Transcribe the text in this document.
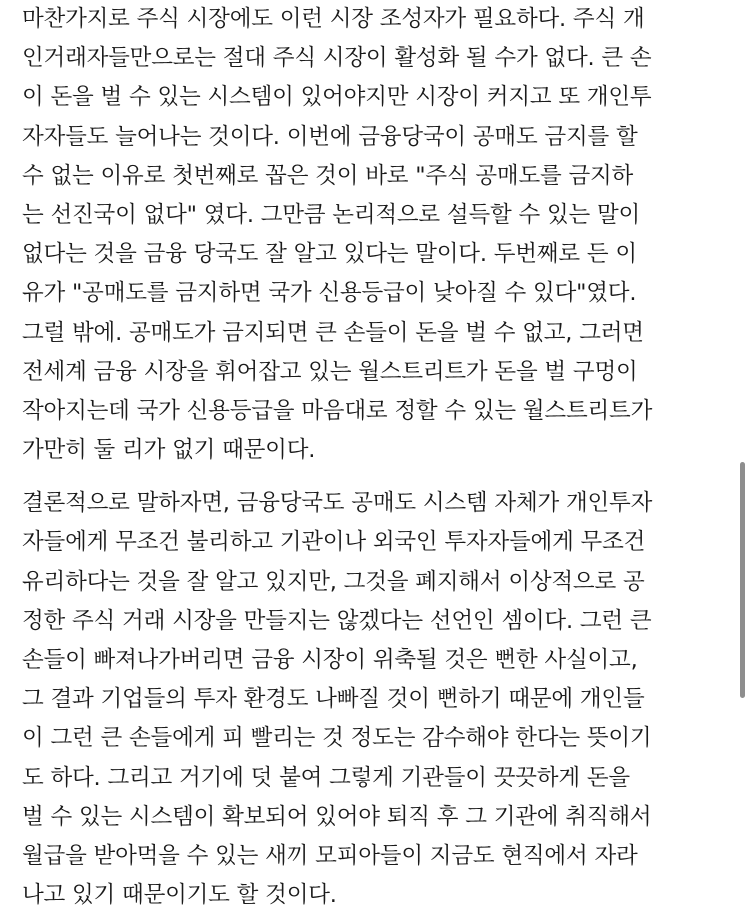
마찬가지로 주식 시장에도 이런 시장 조성자가 필요하다. 주식 개
인거래자들만으로는 절대 주식 시장이 활성화 될 수가 없다. 큰 손
이 돈을 벌 수 있는 시스템이 있어야지만 시장이 커지고 또 개인투
자자들도 늘어나는 것이다. 이번에 금융당국이 공매도 금지를 할
수 없는 이유로 첫번째로 꼽은 것이 바로 "주식 공매도를 금지하
는 선진국이 없다" 였다. 그만큼 논리적으로 설득할 수 있는 말이
없다는 것을 금융 당국도 잘 알고 있다는 말이다. 두번째로 든 이
유가 "공매도를 금지하면 국가 신용등급이 낮아질 수 있다"였다.
그럴 밖에. 공매도가 금지되면 큰 손들이 돈을 벌 수 없고, 그러면
전세계 금융 시장을 휘어잡고 있는 월스트리트가 돈을 벌 구멍이
작아지는데 국가 신용등급을 마음대로 정할 수 있는 월스트리트가
가만히 둘 리가 없기 때문이다.
결론적으로 말하자면, 금융당국도 공매도 시스템 자체가 개인투자
자들에게 무조건 불리하고 기관이나 외국인 투자자들에게 무조건
유리하다는 것을 잘 알고 있지만, 그것을 폐지해서 이상적으로 공
정한 주식 거래 시장을 만들지는 않겠다는 선언인 셈이다. 그런 큰
손들이 빠져나가버리면 금융 시장이 위축될 것은 뻔한 사실이고,
그 결과 기업들의 투자 환경도 나빠질 것이 뻔하기 때문에 개인들
이 그런 큰 손들에게 피 빨리는 것 정도는 감수해야 한다는 뜻이기
도 하다. 그리고 거기에 덧 붙여 그렇게 기관들이 끗끗하게 돈을
벌 수 있는 시스템이 확보되어 있어야 퇴직 후 그 기관에 취직해서
월급을 받아먹을 수 있는 새끼 모피아들이 지금도 현직에서 자라
나고 있기 때문이기도 할 것이다.
